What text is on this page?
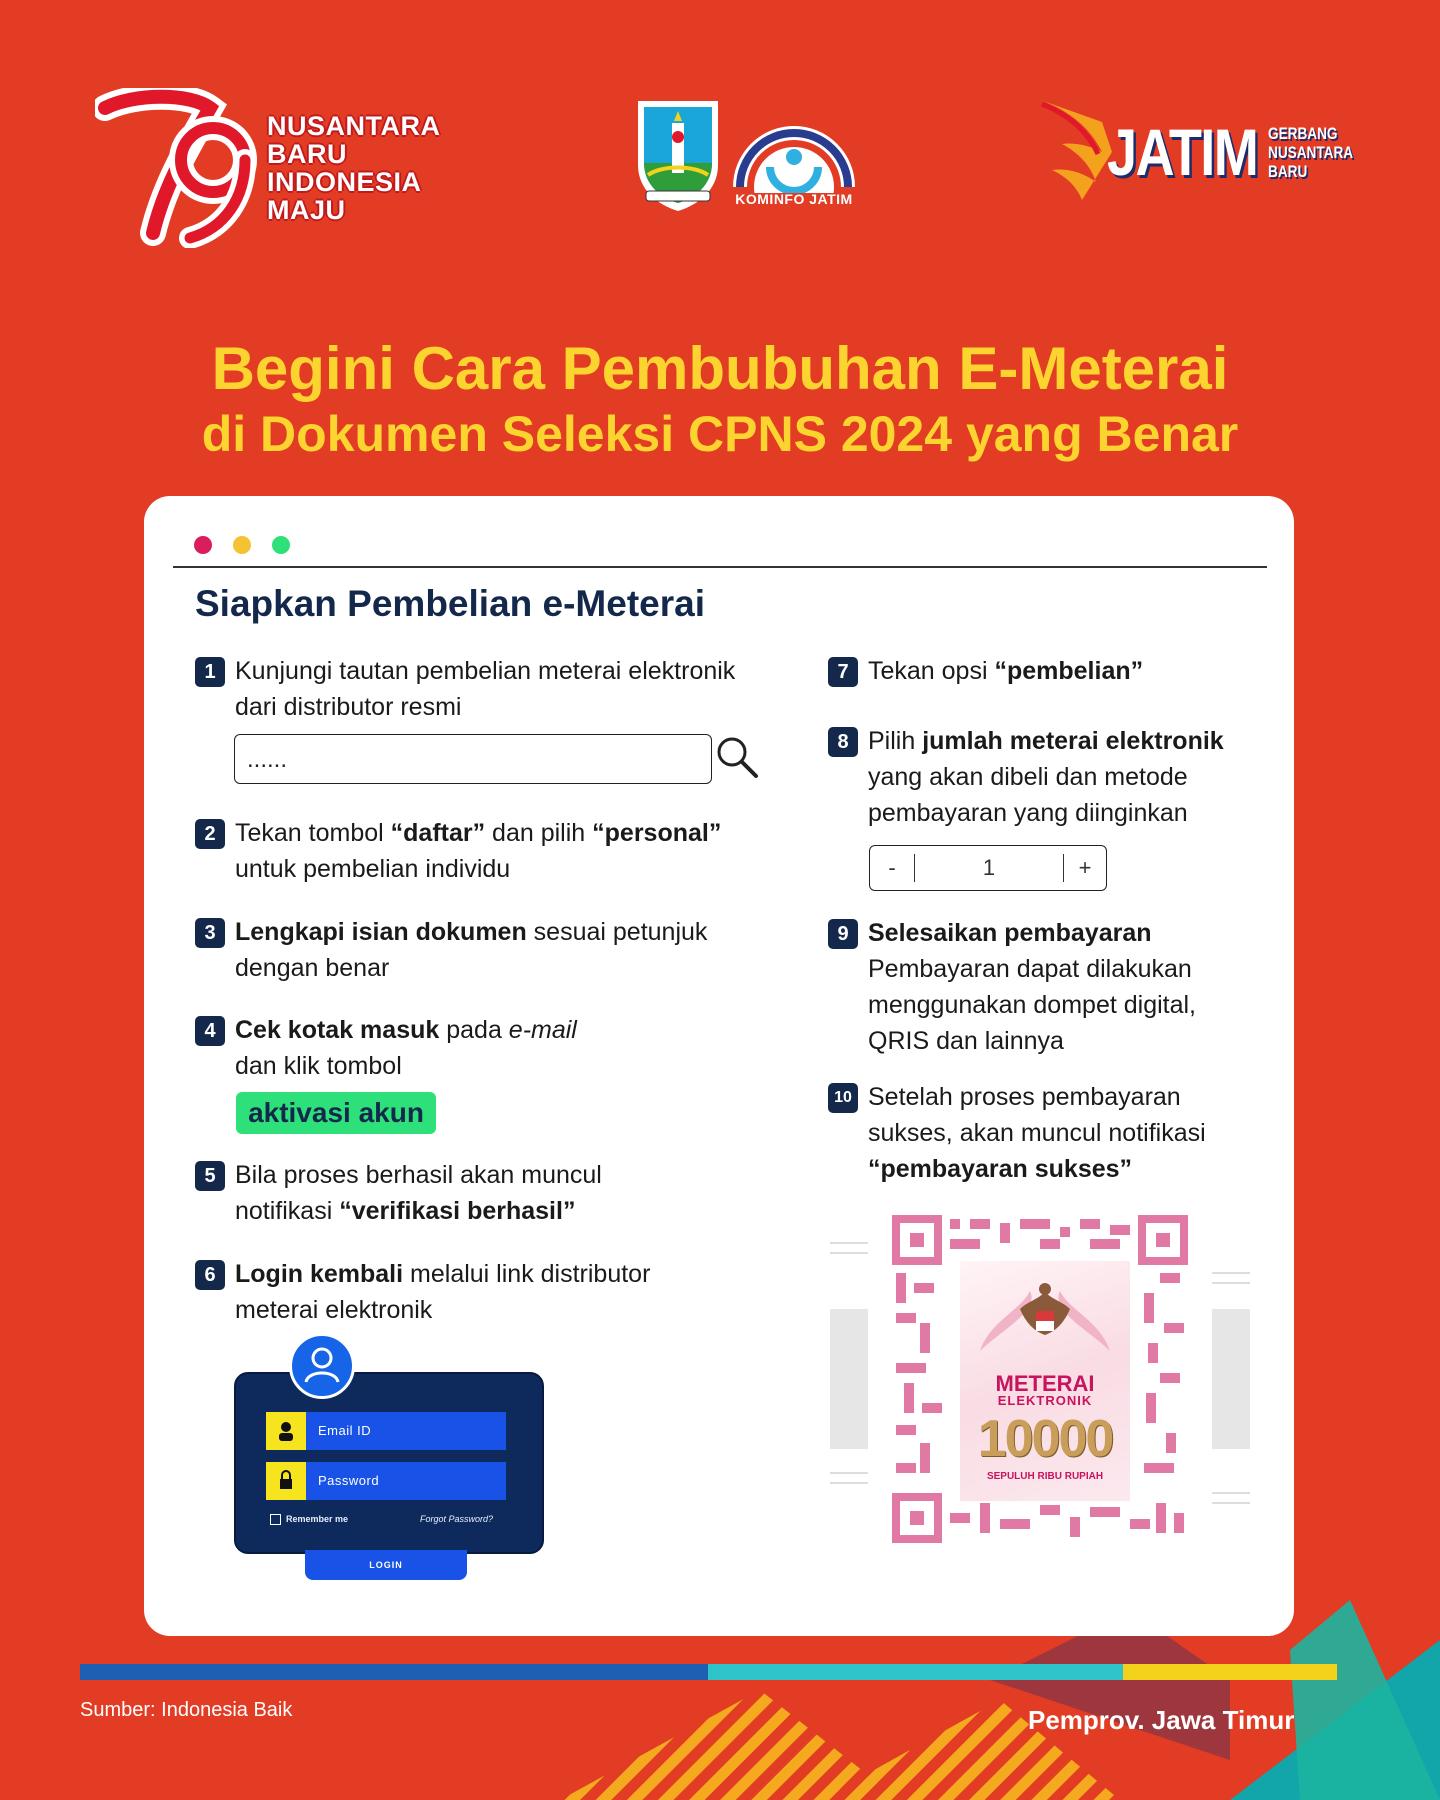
NUSANTARA
BARU
INDONESIA
MAJU	KOMINFO JATIM
JATIM GERBANG
NUSANTARA
BARU
Begini Cara Pembubuhan E-Meterai
di Dokumen Seleksi CPNS 2024 yang Benar
Siapkan Pembelian e-Meterai
1 Kunjungi tautan pembelian meterai elektronik
dari distributor resmi
......
2 Tekan tombol “daftar” dan pilih “personal”
untuk pembelian individu
3 Lengkapi isian dokumen sesuai petunjuk
dengan benar
4 Cek kotak masuk pada e-mail
dan klik tombol
aktivasi akun
5 Bila proses berhasil akan muncul
notifikasi “verifikasi berhasil”
6 Login kembali melalui link distributor
meterai elektronik
Email ID
Password
Remember me	Forgot Password?
LOGIN
7 Tekan opsi “pembelian”
8 Pilih jumlah meterai elektronik
yang akan dibeli dan metode
pembayaran yang diinginkan
-	1	+
9 Selesaikan pembayaran
Pembayaran dapat dilakukan
menggunakan dompet digital,
QRIS dan lainnya
10 Setelah proses pembayaran
sukses, akan muncul notifikasi
“pembayaran sukses”
METERAI
ELEKTRONIK
10000
SEPULUH RIBU RUPIAH
Sumber: Indonesia Baik	Pemprov. Jawa Timur
